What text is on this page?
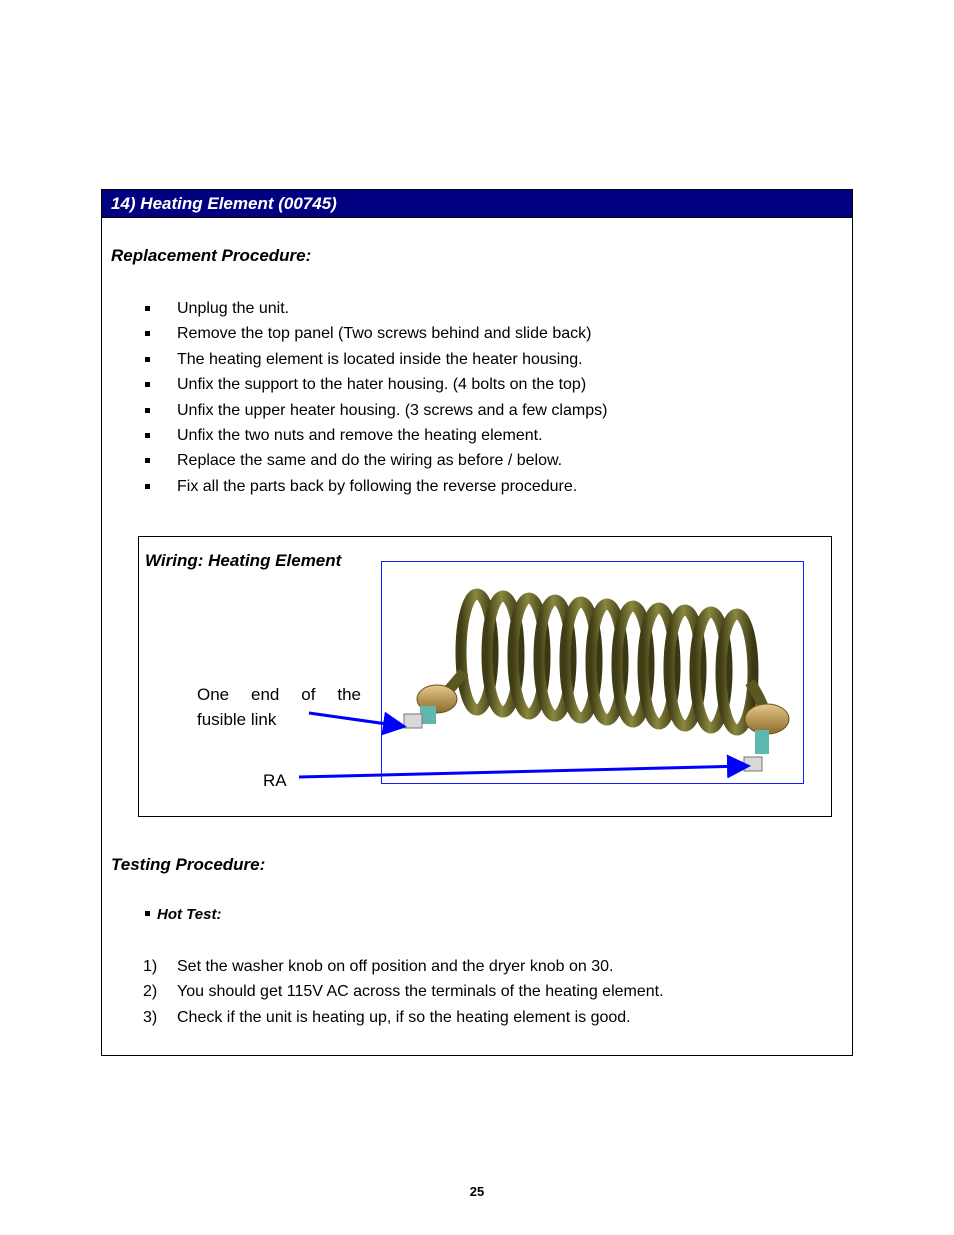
14) Heating Element (00745)
Replacement Procedure:
Unplug the unit.
Remove the top panel (Two screws behind and slide back)
The heating element is located inside the heater housing.
Unfix the support to the hater housing. (4 bolts on the top)
Unfix the upper heater housing. (3 screws and a few clamps)
Unfix the two nuts and remove the heating element.
Replace the same and do the wiring as before / below.
Fix all the parts back by following the reverse procedure.
Wiring: Heating Element
One end of the fusible link
RA
Testing Procedure:
Hot Test:
1) Set the washer knob on off position and the dryer knob on 30.
2) You should get 115V AC across the terminals of the heating element.
3) Check if the unit is heating up, if so the heating element is good.
25
